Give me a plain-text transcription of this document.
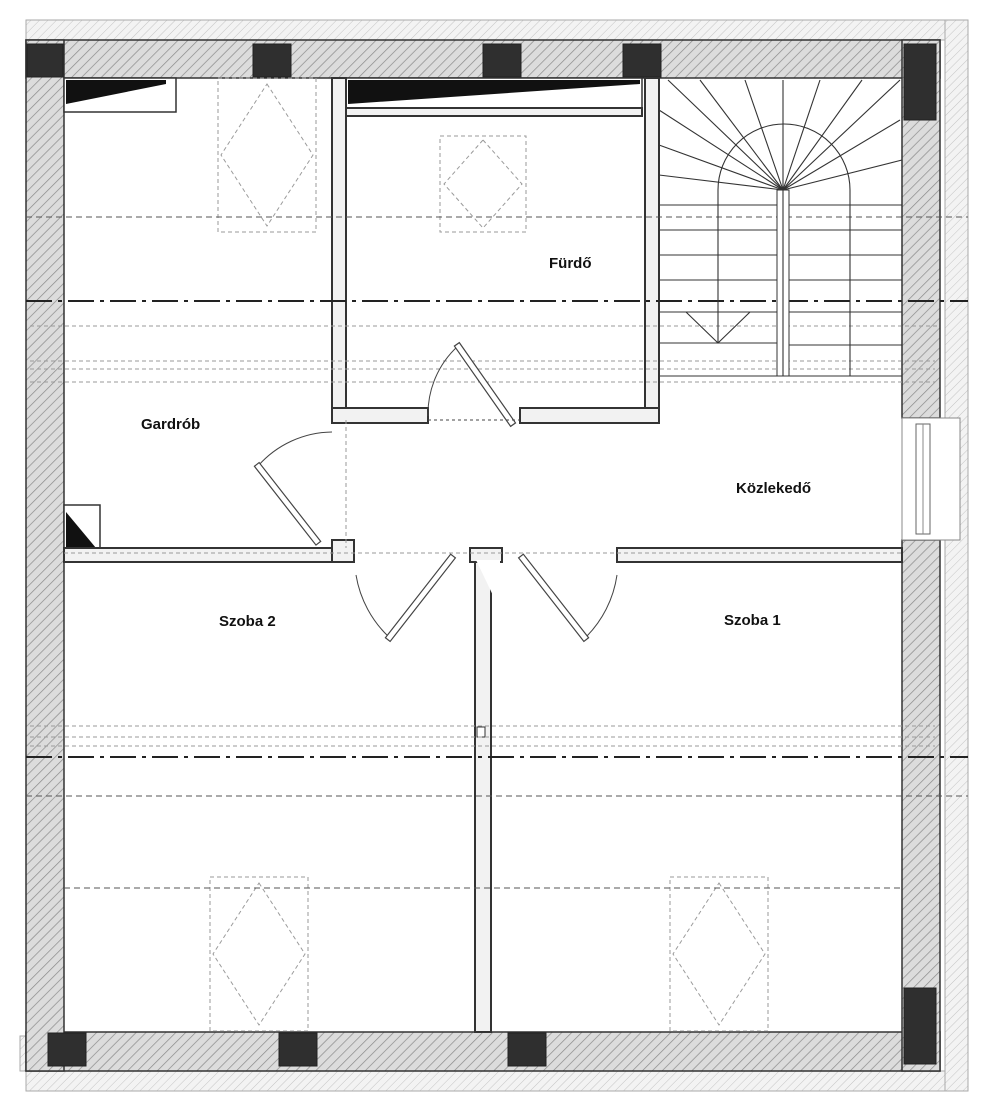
Gardrób
Fürdő
Közlekedő
Szoba 2	Szoba 1
